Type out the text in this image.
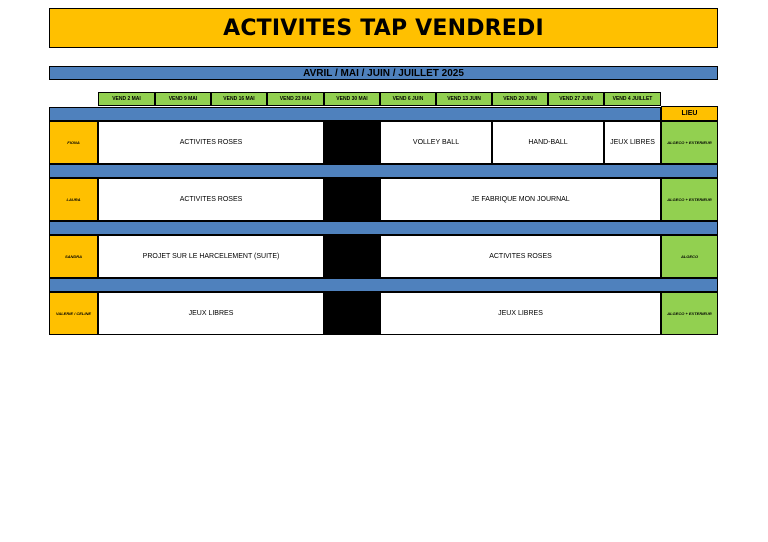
ACTIVITES TAP VENDREDI
AVRIL / MAI / JUIN / JUILLET 2025
VEND 2 MAI	VEND 9 MAI	VEND 16 MAI	VEND 23 MAI	VEND 30 MAI	VEND 6 JUIN	VEND 13 JUIN	VEND 20 JUIN	VEND 27 JUIN	VEND 4 JUILLET
LIEU
FIONA	ACTIVITES ROSES	VOLLEY BALL	HAND-BALL	JEUX LIBRES	ALGECO + EXTERIEUR
LAURA	ACTIVITES ROSES	JE FABRIQUE MON JOURNAL	ALGECO + EXTERIEUR
SANDRA	PROJET SUR LE HARCELEMENT (SUITE)	ACTIVITES ROSES	ALGECO
VALERIE / CELINE	JEUX LIBRES	JEUX LIBRES	ALGECO + EXTERIEUR
